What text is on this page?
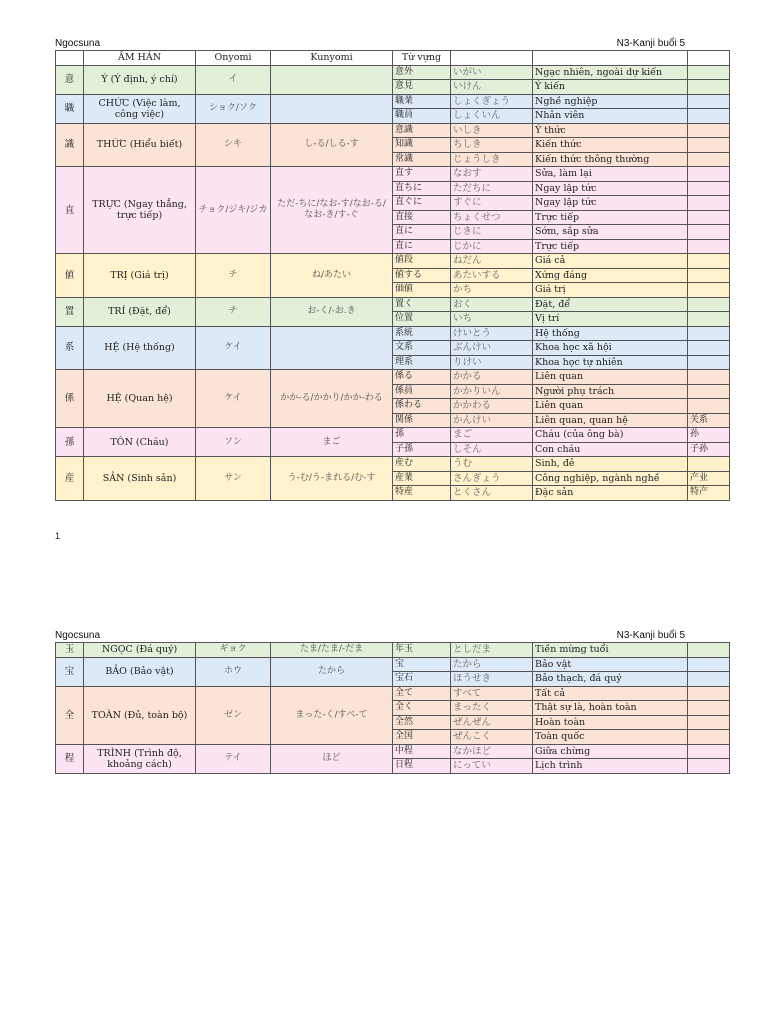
Ngocsuna	N3-Kanji buổi 5
	ÂM HÁN	Onyomi	Kunyomi	Từ vựng			
意	Ý (Ý định, ý chí)	イ		意外	いがい	Ngạc nhiên, ngoài dự kiến	
				意見	いけん	Ý kiến	
職	CHỨC (Việc làm, công việc)	ショク/ソク		職業	しょくぎょう	Nghề nghiệp	
				職員	しょくいん	Nhân viên	
識	THỨC (Hiểu biết)	シキ	し-る/しる-す	意識	いしき	Ý thức	
				知識	ちしき	Kiến thức	
				常識	じょうしき	Kiến thức thông thường	
直	TRỰC (Ngay thẳng, trực tiếp)	チョク/ジキ/ジカ	ただ-ちに/なお-す/なお-る/なお-き/す-ぐ	直す	なおす	Sửa, làm lại	
				直ちに	ただちに	Ngay lập tức	
				直ぐに	すぐに	Ngay lập tức	
				直接	ちょくせつ	Trực tiếp	
				直に	じきに	Sớm, sắp sửa	
				直に	じかに	Trực tiếp	
値	TRỊ (Giá trị)	チ	ね/あたい	値段	ねだん	Giá cả	
				値する	あたいする	Xứng đáng	
				価値	かち	Giá trị	
置	TRÍ (Đặt, để)	チ	お-く/-お.き	置く	おく	Đặt, để	
				位置	いち	Vị trí	
系	HỆ (Hệ thống)	ケイ		系統	けいとう	Hệ thống	
				文系	ぶんけい	Khoa học xã hội	
				理系	りけい	Khoa học tự nhiên	
係	HỆ (Quan hệ)	ケイ	かか-る/かかり/かか-わる	係る	かかる	Liên quan	
				係員	かかりいん	Người phụ trách	
				係わる	かかわる	Liên quan	
				関係	かんけい	Liên quan, quan hệ	关系
孫	TÔN (Cháu)	ソン	まご	孫	まご	Cháu (của ông bà)	孙
				子孫	しそん	Con cháu	子孙
産	SẢN (Sinh sản)	サン	う-む/う-まれる/む-す	産む	うむ	Sinh, đẻ	
				産業	さんぎょう	Công nghiệp, ngành nghề	产业
				特産	とくさん	Đặc sản	特产
1
Ngocsuna	N3-Kanji buổi 5
玉	NGỌC (Đá quý)	ギョク	たま/たま/-だま	年玉	としだま	Tiền mừng tuổi	
宝	BẢO (Bảo vật)	ホウ	たから	宝	たから	Bảo vật	
				宝石	ほうせき	Bảo thạch, đá quý	
全	TOÀN (Đủ, toàn bộ)	ゼン	まった-く/すべ-て	全て	すべて	Tất cả	
				全く	まったく	Thật sự là, hoàn toàn	
				全然	ぜんぜん	Hoàn toàn	
				全国	ぜんこく	Toàn quốc	
程	TRÌNH (Trình độ, khoảng cách)	テイ	ほど	中程	なかほど	Giữa chừng	
				日程	にってい	Lịch trình	
